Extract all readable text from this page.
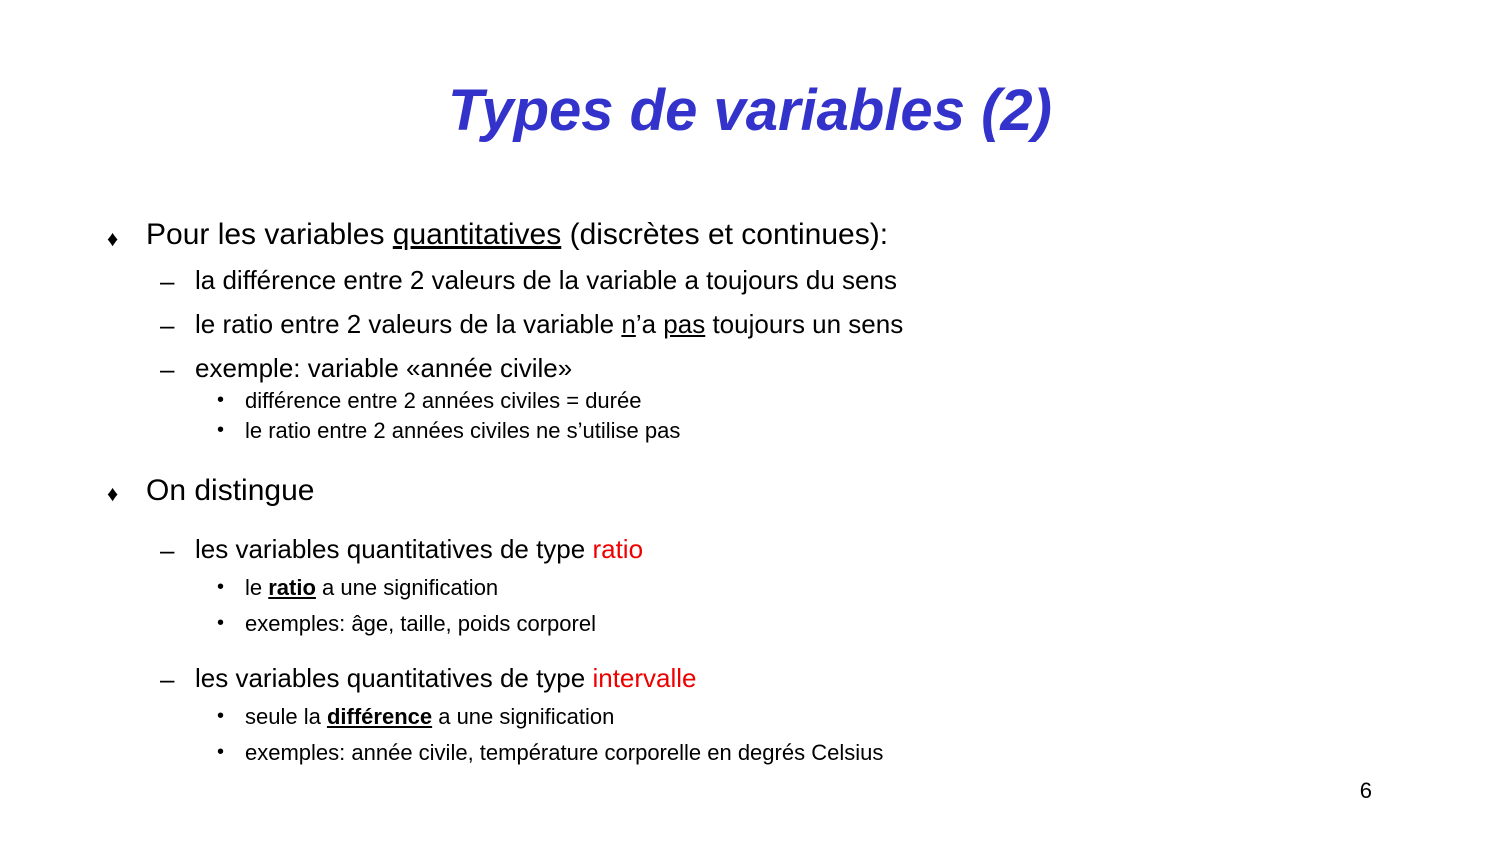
Types de variables (2)
♦ Pour les variables quantitatives (discrètes et continues):
– la différence entre 2 valeurs de la variable a toujours du sens
– le ratio entre 2 valeurs de la variable n’a pas toujours un sens
– exemple: variable «année civile»
• différence entre 2 années civiles = durée
• le ratio entre 2 années civiles ne s’utilise pas
♦ On distingue
– les variables quantitatives de type ratio
• le ratio a une signification
• exemples: âge, taille, poids corporel
– les variables quantitatives de type intervalle
• seule la différence a une signification
• exemples: année civile, température corporelle en degrés Celsius
6
